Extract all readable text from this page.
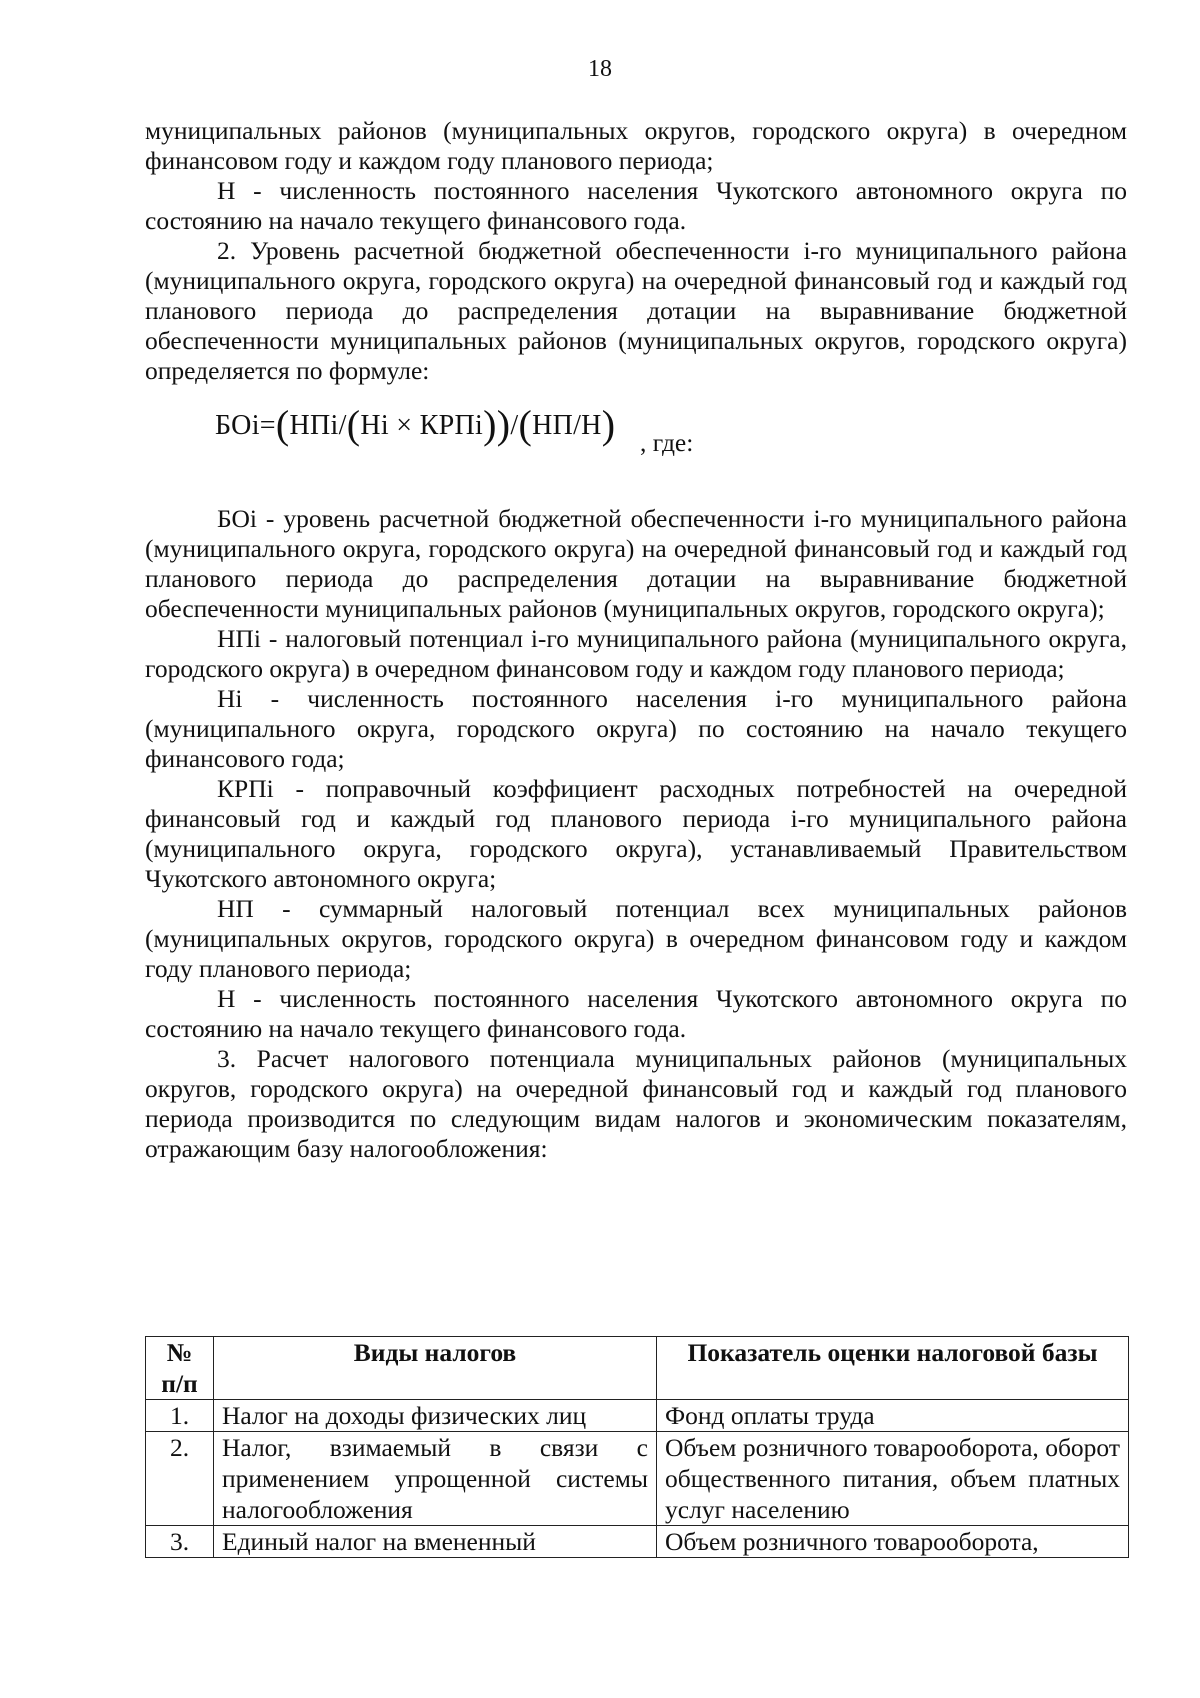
18

муниципальных районов (муниципальных округов, городского округа) в очередном финансовом году и каждом году планового периода;

Н - численность постоянного населения Чукотского автономного округа по состоянию на начало текущего финансового года.

2. Уровень расчетной бюджетной обеспеченности i-го муниципального района (муниципального округа, городского округа) на очередной финансовый год и каждый год планового периода до распределения дотации на выравнивание бюджетной обеспеченности муниципальных районов (муниципальных округов, городского округа) определяется по формуле:

БОi=(НПi/(Нi × КРПi))/(НП/Н) , где:

БОi - уровень расчетной бюджетной обеспеченности i-го муниципального района (муниципального округа, городского округа) на очередной финансовый год и каждый год планового периода до распределения дотации на выравнивание бюджетной обеспеченности муниципальных районов (муниципальных округов, городского округа);

НПi - налоговый потенциал i-го муниципального района (муниципального округа, городского округа) в очередном финансовом году и каждом году планового периода;

Нi - численность постоянного населения i-го муниципального района (муниципального округа, городского округа) по состоянию на начало текущего финансового года;

КРПi - поправочный коэффициент расходных потребностей на очередной финансовый год и каждый год планового периода i-го муниципального района (муниципального округа, городского округа), устанавливаемый Правительством Чукотского автономного округа;

НП - суммарный налоговый потенциал всех муниципальных районов (муниципальных округов, городского округа) в очередном финансовом году и каждом году планового периода;

Н - численность постоянного населения Чукотского автономного округа по состоянию на начало текущего финансового года.

3. Расчет налогового потенциала муниципальных районов (муниципальных округов, городского округа) на очередной финансовый год и каждый год планового периода производится по следующим видам налогов и экономическим показателям, отражающим базу налогообложения:

№ п/п	Виды налогов	Показатель оценки налоговой базы
1.	Налог на доходы физических лиц	Фонд оплаты труда
2.	Налог, взимаемый в связи с применением упрощенной системы налогообложения	Объем розничного товарооборота, оборот общественного питания, объем платных услуг населению
3.	Единый налог на вмененный	Объем розничного товарооборота,
